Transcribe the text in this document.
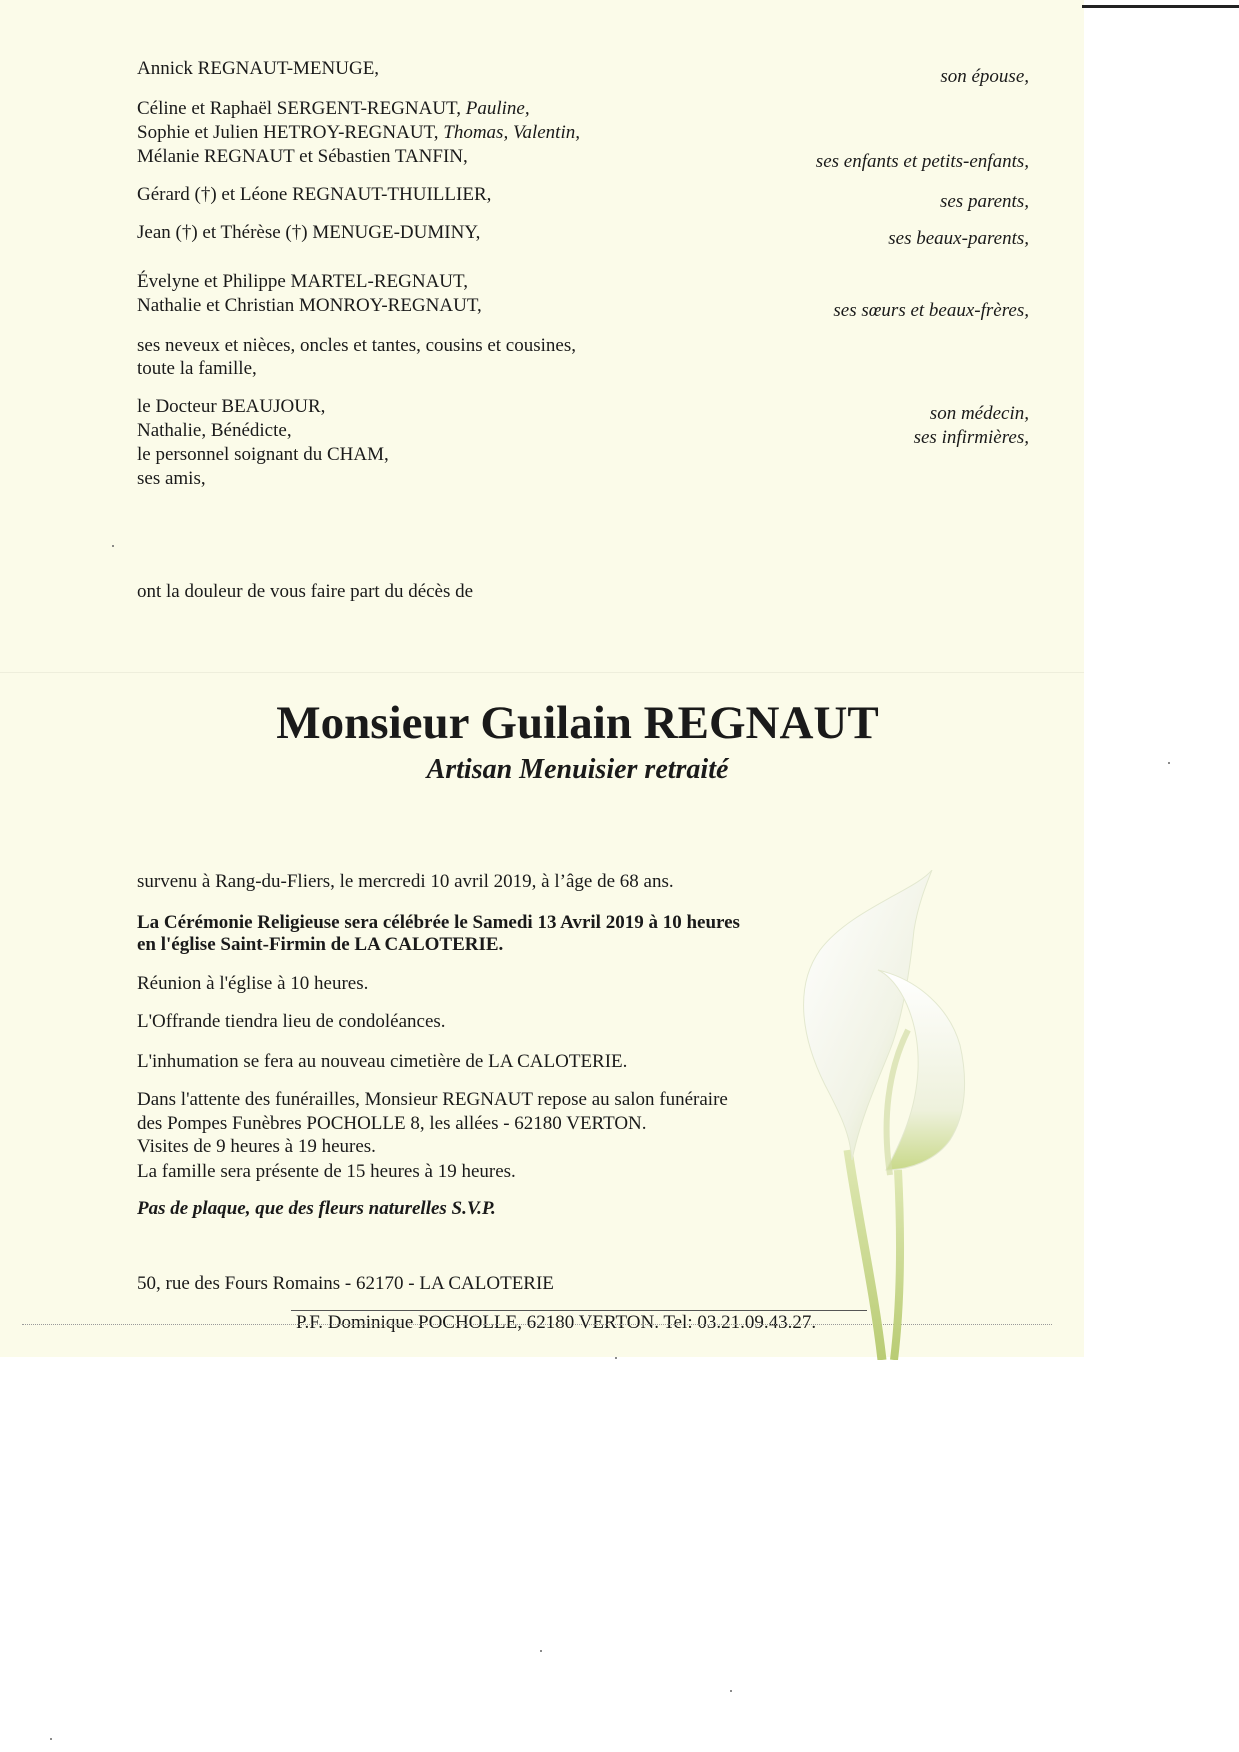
Annick REGNAUT-MENUGE,	son épouse,
Céline et Raphaël SERGENT-REGNAUT, Pauline,
Sophie et Julien HETROY-REGNAUT, Thomas, Valentin,
Mélanie REGNAUT et Sébastien TANFIN,	ses enfants et petits-enfants,
Gérard (†) et Léone REGNAUT-THUILLIER,	ses parents,
Jean (†) et Thérèse (†) MENUGE-DUMINY,	ses beaux-parents,
Évelyne et Philippe MARTEL-REGNAUT,
Nathalie et Christian MONROY-REGNAUT,	ses sœurs et beaux-frères,
ses neveux et nièces, oncles et tantes, cousins et cousines,
toute la famille,
le Docteur BEAUJOUR,	son médecin,
Nathalie, Bénédicte,	ses infirmières,
le personnel soignant du CHAM,
ses amis,
ont la douleur de vous faire part du décès de
Monsieur Guilain REGNAUT
Artisan Menuisier retraité
survenu à Rang-du-Fliers, le mercredi 10 avril 2019, à l’âge de 68 ans.
La Cérémonie Religieuse sera célébrée le Samedi 13 Avril 2019 à 10 heures
en l'église Saint-Firmin de LA CALOTERIE.
Réunion à l'église à 10 heures.
L'Offrande tiendra lieu de condoléances.
L'inhumation se fera au nouveau cimetière de LA CALOTERIE.
Dans l'attente des funérailles, Monsieur REGNAUT repose au salon funéraire
des Pompes Funèbres POCHOLLE 8, les allées - 62180 VERTON.
Visites de 9 heures à 19 heures.
La famille sera présente de 15 heures à 19 heures.
Pas de plaque, que des fleurs naturelles S.V.P.
50, rue des Fours Romains - 62170 - LA CALOTERIE
P.F. Dominique POCHOLLE, 62180 VERTON. Tel: 03.21.09.43.27.
